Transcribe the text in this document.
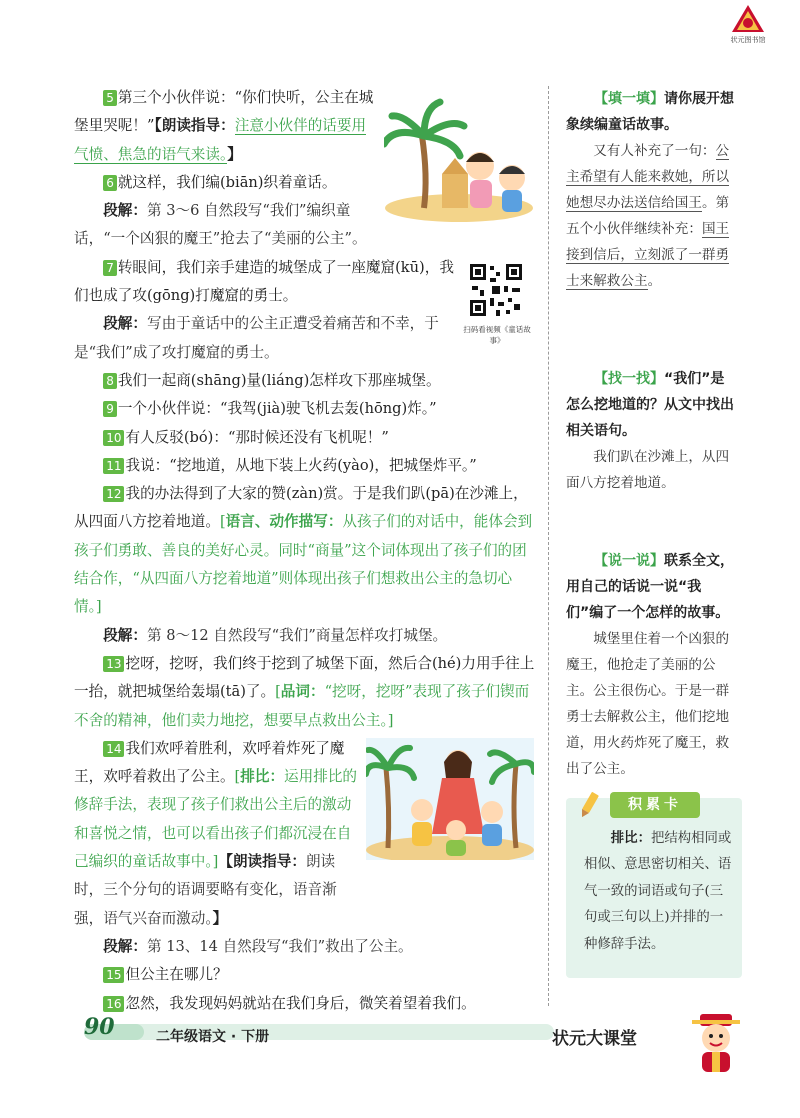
状元图书馆
扫码看视频《童话故事》

5 第三个小伙伴说：“你们快听，公主在城堡里哭呢！”【朗读指导：注意小伙伴的话要用气愤、焦急的语气来读。】

6 就这样，我们编(biān)织着童话。

段解：第 3～6 自然段写“我们”编织童话，“一个凶狠的魔王”抢去了“美丽的公主”。

7 转眼间，我们亲手建造的城堡成了一座魔窟(kū)，我们也成了攻(gōng)打魔窟的勇士。

段解：写由于童话中的公主正遭受着痛苦和不幸，于是“我们”成了攻打魔窟的勇士。

8 我们一起商(shāng)量(liáng)怎样攻下那座城堡。

9 一个小伙伴说：“我驾(jià)驶飞机去轰(hōng)炸。”

10 有人反驳(bó)：“那时候还没有飞机呢！”

11 我说：“挖地道，从地下装上火药(yào)，把城堡炸平。”

12 我的办法得到了大家的赞(zàn)赏。于是我们趴(pā)在沙滩上，从四面八方挖着地道。[语言、动作描写：从孩子们的对话中，能体会到孩子们勇敢、善良的美好心灵。同时“商量”这个词体现出了孩子们的团结合作，“从四面八方挖着地道”则体现出孩子们想救出公主的急切心情。]

段解：第 8～12 自然段写“我们”商量怎样攻打城堡。

13 挖呀，挖呀，我们终于挖到了城堡下面，然后合(hé)力用手往上一抬，就把城堡给轰塌(tā)了。[品词：“挖呀，挖呀”表现了孩子们锲而不舍的精神，他们卖力地挖，想要早点救出公主。]

14 我们欢呼着胜利，欢呼着炸死了魔王，欢呼着救出了公主。[排比：运用排比的修辞手法，表现了孩子们救出公主后的激动和喜悦之情，也可以看出孩子们都沉浸在自己编织的童话故事中。]【朗读指导：朗读时，三个分句的语调要略有变化，语音渐强，语气兴奋而激动。】

段解：第 13、14 自然段写“我们”救出了公主。

15 但公主在哪儿？

16 忽然，我发现妈妈就站在我们身后，微笑着望着我们。

【填一填】请你展开想象续编童话故事。
又有人补充了一句：公主希望有人能来救她，所以她想尽办法送信给国王。第五个小伙伴继续补充：国王接到信后，立刻派了一群勇士来解救公主。
【找一找】“我们”是怎么挖地道的？从文中找出相关语句。
我们趴在沙滩上，从四面八方挖着地道。
【说一说】联系全文，用自己的话说一说“我们”编了一个怎样的故事。
城堡里住着一个凶狠的魔王，他抢走了美丽的公主。公主很伤心。于是一群勇士去解救公主，他们挖地道，用火药炸死了魔王，救出了公主。
积累卡
排比：把结构相同或相似、意思密切相关、语气一致的词语或句子(三句或三句以上)并排的一种修辞手法。
90	二年级语文 · 下册	状元大课堂
